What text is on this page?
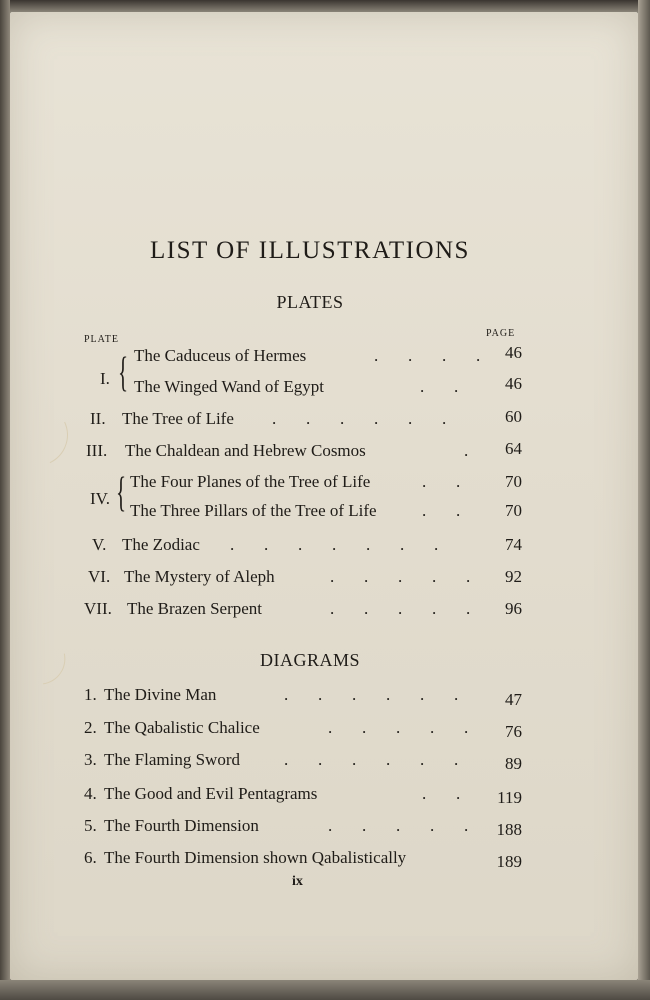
LIST OF ILLUSTRATIONS
PLATES
PLATE
PAGE
I. { The Caduceus of Hermes	.       .       .       .	46
The Winged Wand of Egypt	.       .	46
II. The Tree of Life .       .       .       .       .       .	60
III. The Chaldean and Hebrew Cosmos	.	64
IV. { The Four Planes of the Tree of Life	.       .	70
The Three Pillars of the Tree of Life	.       .	70
V. The Zodiac .       .       .       .       .       .       .	74
VI. The Mystery of Aleph	.       .       .       .       .	92
VII. The Brazen Serpent	.       .       .       .       .	96
DIAGRAMS
1. The Divine Man	.       .       .       .       .       .	47
2. The Qabalistic Chalice	.       .       .       .       .	76
3. The Flaming Sword	.       .       .       .       .       .	89
4. The Good and Evil Pentagrams	.       .	119
5. The Fourth Dimension	.       .       .       .       .	188
6. The Fourth Dimension shown Qabalistically	189
ix
